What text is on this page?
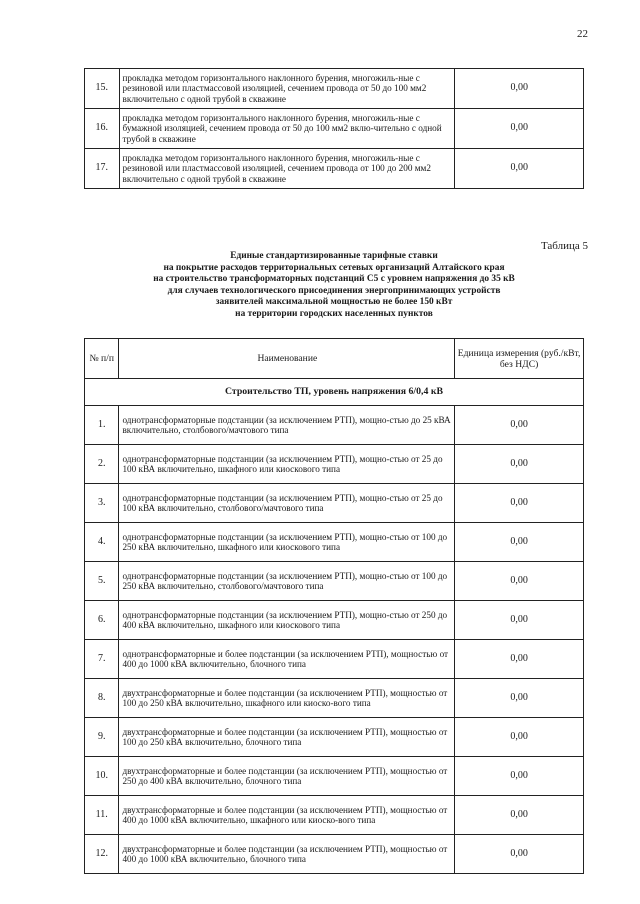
22
15.	прокладка методом горизонтального наклонного бурения, многожиль-ные с резиновой или пластмассовой изоляцией, сечением провода от 50 до 100 мм2 включительно с одной трубой в скважине	0,00
16.	прокладка методом горизонтального наклонного бурения, многожиль-ные с бумажной изоляцией, сечением провода от 50 до 100 мм2 вклю-чительно с одной трубой в скважине	0,00
17.	прокладка методом горизонтального наклонного бурения, многожиль-ные с резиновой или пластмассовой изоляцией, сечением провода от 100 до 200 мм2 включительно с одной трубой в скважине	0,00
Таблица 5
Единые стандартизированные тарифные ставки
на покрытие расходов территориальных сетевых организаций Алтайского края
на строительство трансформаторных подстанций С5 с уровнем напряжения до 35 кВ
для случаев технологического присоединения энергопринимающих устройств
заявителей максимальной мощностью не более 150 кВт
на территории городских населенных пунктов
№ п/п	Наименование	Единица измерения (руб./кВт, без НДС)
Строительство ТП, уровень напряжения 6/0,4 кВ		
1.	однотрансформаторные подстанции (за исключением РТП), мощно-стью до 25 кВА включительно, столбового/мачтового типа	0,00
2.	однотрансформаторные подстанции (за исключением РТП), мощно-стью от 25 до 100 кВА включительно, шкафного или киоскового типа	0,00
3.	однотрансформаторные подстанции (за исключением РТП), мощно-стью от 25 до 100 кВА включительно, столбового/мачтового типа	0,00
4.	однотрансформаторные подстанции (за исключением РТП), мощно-стью от 100 до 250 кВА включительно, шкафного или киоскового типа	0,00
5.	однотрансформаторные подстанции (за исключением РТП), мощно-стью от 100 до 250 кВА включительно, столбового/мачтового типа	0,00
6.	однотрансформаторные подстанции (за исключением РТП), мощно-стью от 250 до 400 кВА включительно, шкафного или киоскового типа	0,00
7.	однотрансформаторные и более подстанции (за исключением РТП), мощностью от 400 до 1000 кВА включительно, блочного типа	0,00
8.	двухтрансформаторные и более подстанции (за исключением РТП), мощностью от 100 до 250 кВА включительно, шкафного или киоско-вого типа	0,00
9.	двухтрансформаторные и более подстанции (за исключением РТП), мощностью от 100 до 250 кВА включительно, блочного типа	0,00
10.	двухтрансформаторные и более подстанции (за исключением РТП), мощностью от 250 до 400 кВА включительно, блочного типа	0,00
11.	двухтрансформаторные и более подстанции (за исключением РТП), мощностью от 400 до 1000 кВА включительно, шкафного или киоско-вого типа	0,00
12.	двухтрансформаторные и более подстанции (за исключением РТП), мощностью от 400 до 1000 кВА включительно, блочного типа	0,00
